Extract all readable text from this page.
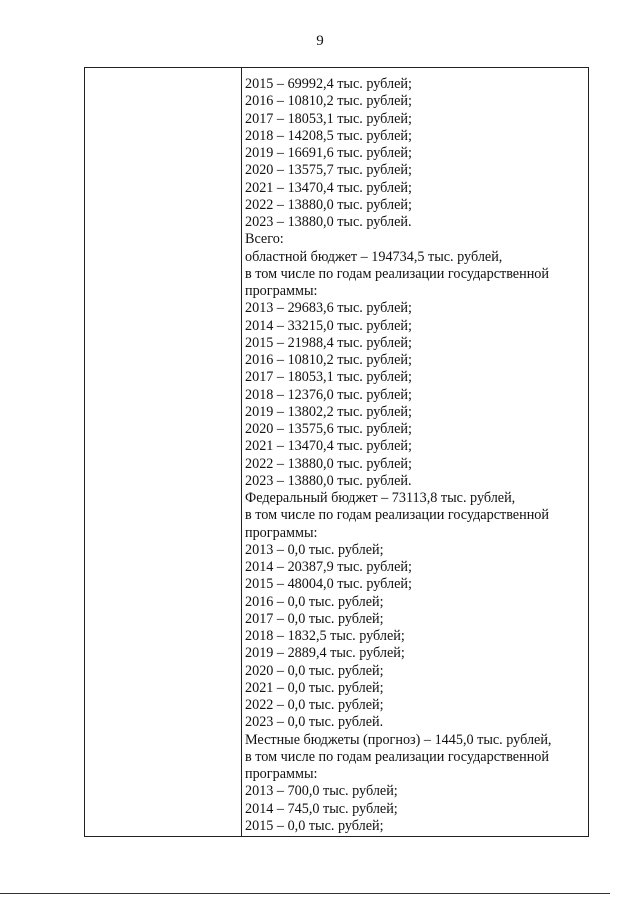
9
2015 – 69992,4 тыс. рублей;
2016 – 10810,2 тыс. рублей;
2017 – 18053,1 тыс. рублей;
2018 – 14208,5 тыс. рублей;
2019 – 16691,6 тыс. рублей;
2020 – 13575,7 тыс. рублей;
2021 – 13470,4 тыс. рублей;
2022 – 13880,0 тыс. рублей;
2023 – 13880,0 тыс. рублей.
Всего:
областной бюджет – 194734,5 тыс. рублей,
в том числе по годам реализации государственной
программы:
2013 – 29683,6 тыс. рублей;
2014 – 33215,0 тыс. рублей;
2015 – 21988,4 тыс. рублей;
2016 – 10810,2 тыс. рублей;
2017 – 18053,1 тыс. рублей;
2018 – 12376,0 тыс. рублей;
2019 – 13802,2 тыс. рублей;
2020 – 13575,6 тыс. рублей;
2021 – 13470,4 тыс. рублей;
2022 – 13880,0 тыс. рублей;
2023 – 13880,0 тыс. рублей.
Федеральный бюджет – 73113,8 тыс. рублей,
в том числе по годам реализации государственной
программы:
2013 – 0,0 тыс. рублей;
2014 – 20387,9 тыс. рублей;
2015 – 48004,0 тыс. рублей;
2016 – 0,0 тыс. рублей;
2017 – 0,0 тыс. рублей;
2018 – 1832,5 тыс. рублей;
2019 – 2889,4 тыс. рублей;
2020 – 0,0 тыс. рублей;
2021 – 0,0 тыс. рублей;
2022 – 0,0 тыс. рублей;
2023 – 0,0 тыс. рублей.
Местные бюджеты (прогноз) – 1445,0 тыс. рублей,
в том числе по годам реализации государственной
программы:
2013 – 700,0 тыс. рублей;
2014 – 745,0 тыс. рублей;
2015 – 0,0 тыс. рублей;
